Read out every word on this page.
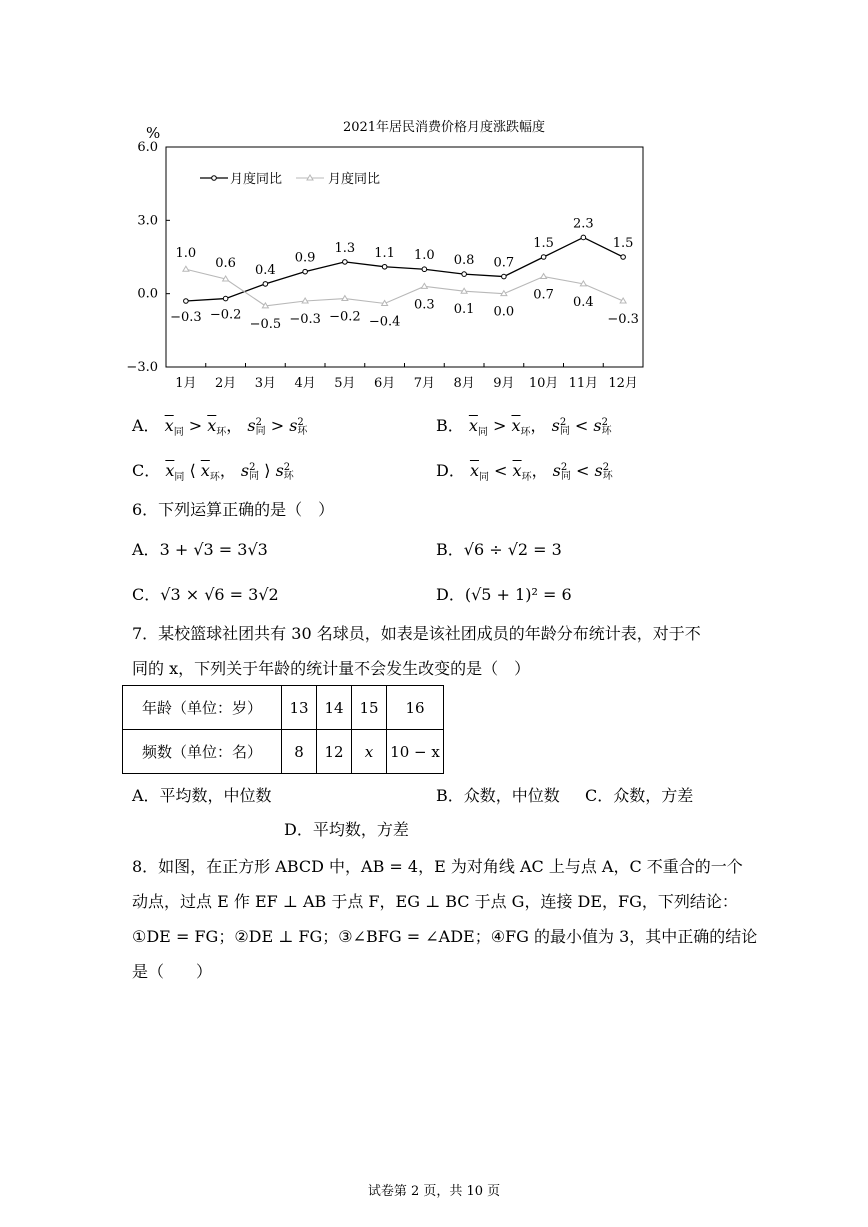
2021年居民消费价格月度涨跌幅度
6.0
3.0
0.0
−3.0
%
1月 2月 3月 4月 5月 6月 7月 8月 9月 10月 11月 12月
−0.3 −0.2
0.4
0.9
1.3 1.1 1.0 0.8 0.7
1.5
2.3
1.5
1.0
0.6
−0.5 −0.3 −0.2 −0.4
0.3 0.1 0.0
0.7 0.4
−0.3
月度同比	月度同比
A． $\overline{x}_同 > \overline{x}_环$， s 2
同 > s 2
环	B． $\overline{x}_同 > \overline{x}_环$， s 2
同 < s 2
环
C． $\overline{x}_同$ ⟨ $\overline{x}_环$， s 2
同 ⟩ s 2
环	D． $\overline{x}_同 < \overline{x}_环$， s 2
同 < s 2
环
6．下列运算正确的是（　）
A．3 + √3 = 3√3	B．√6 ÷ √2 = 3
C．√3 × √6 = 3√2	D．(√5 + 1)² = 6
7．某校篮球社团共有 30 名球员，如表是该社团成员的年龄分布统计表，对于不
同的 x，下列关于年龄的统计量不会发生改变的是（　）
年龄（单位：岁）	13	14	15	16
频数（单位：名）	8	12	x	10 − x
A．平均数，中位数	B．众数，中位数 C．众数，方差
D．平均数，方差
8．如图，在正方形 ABCD 中，AB = 4，E 为对角线 AC 上与点 A，C 不重合的一个
动点，过点 E 作 EF ⊥ AB 于点 F，EG ⊥ BC 于点 G，连接 DE，FG，下列结论：
①DE = FG；②DE ⊥ FG；③∠BFG = ∠ADE；④FG 的最小值为 3，其中正确的结论
是（　　）
试卷第 2 页，共 10 页
